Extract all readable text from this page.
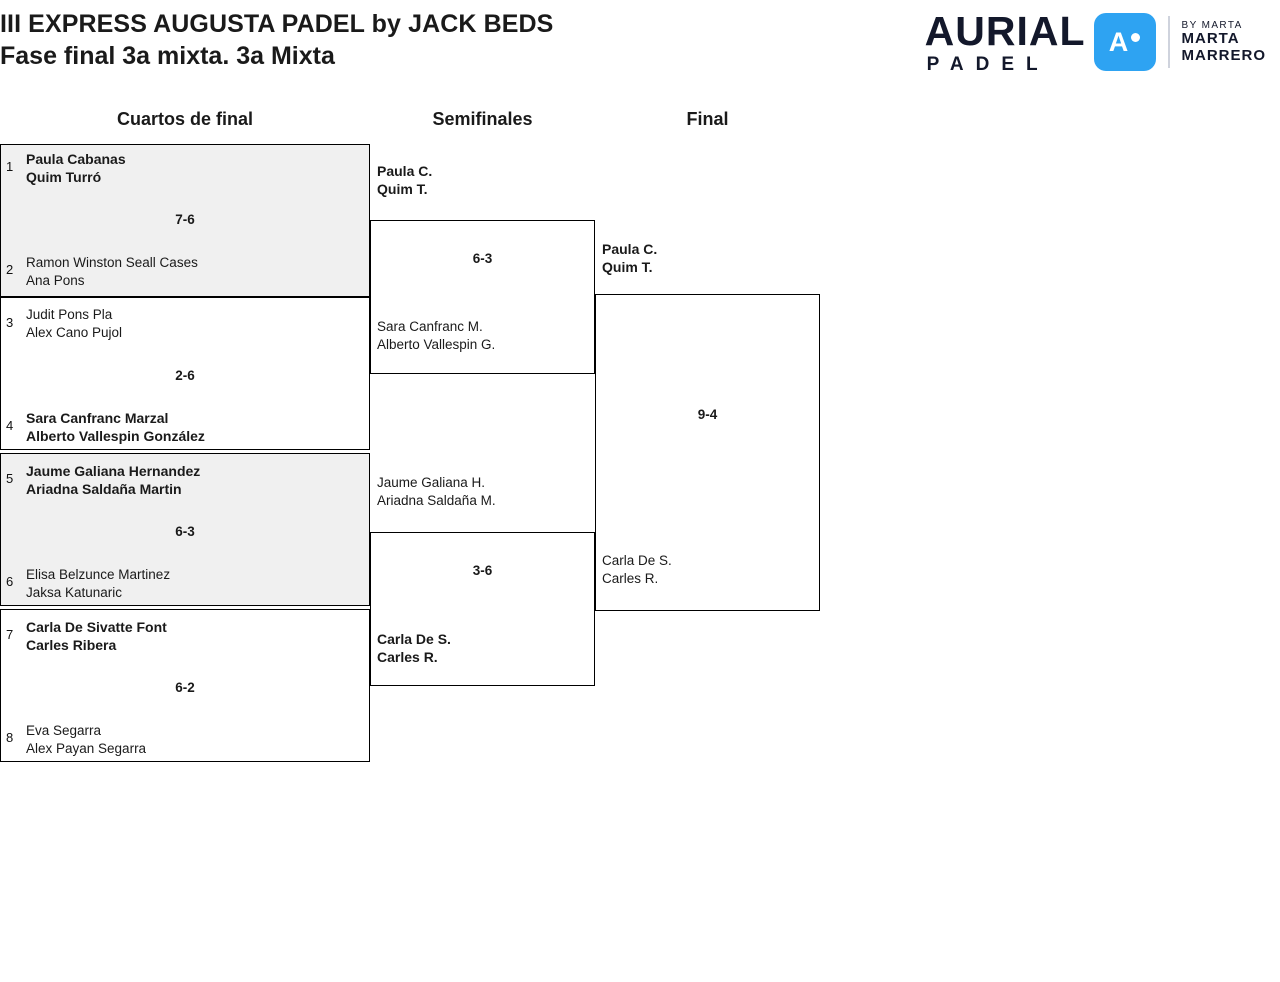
III EXPRESS AUGUSTA PADEL by JACK BEDS
Fase final 3a mixta. 3a Mixta
AURIAL
PADEL
A
BY MARTA
MARTA
MARRERO
Cuartos de final	Semifinales	Final
1 Paula Cabanas
Quim Turró
7-6
2 Ramon Winston Seall Cases
Ana Pons
3
Judit Pons Pla
Alex Cano Pujol
2-6
4 Sara Canfranc Marzal
Alberto Vallespin González
5 Jaume Galiana Hernandez
Ariadna Saldaña Martin
6-3
6 Elisa Belzunce Martinez
Jaksa Katunaric
7 Carla De Sivatte Font
Carles Ribera
6-2
8 Eva Segarra
Alex Payan Segarra
Paula C.
Quim T.
6-3
Sara Canfranc M.
Alberto Vallespin G.
Jaume Galiana H.
Ariadna Saldaña M.
3-6
Carla De S.
Carles R.
Paula C.
Quim T.
9-4
Carla De S.
Carles R.
